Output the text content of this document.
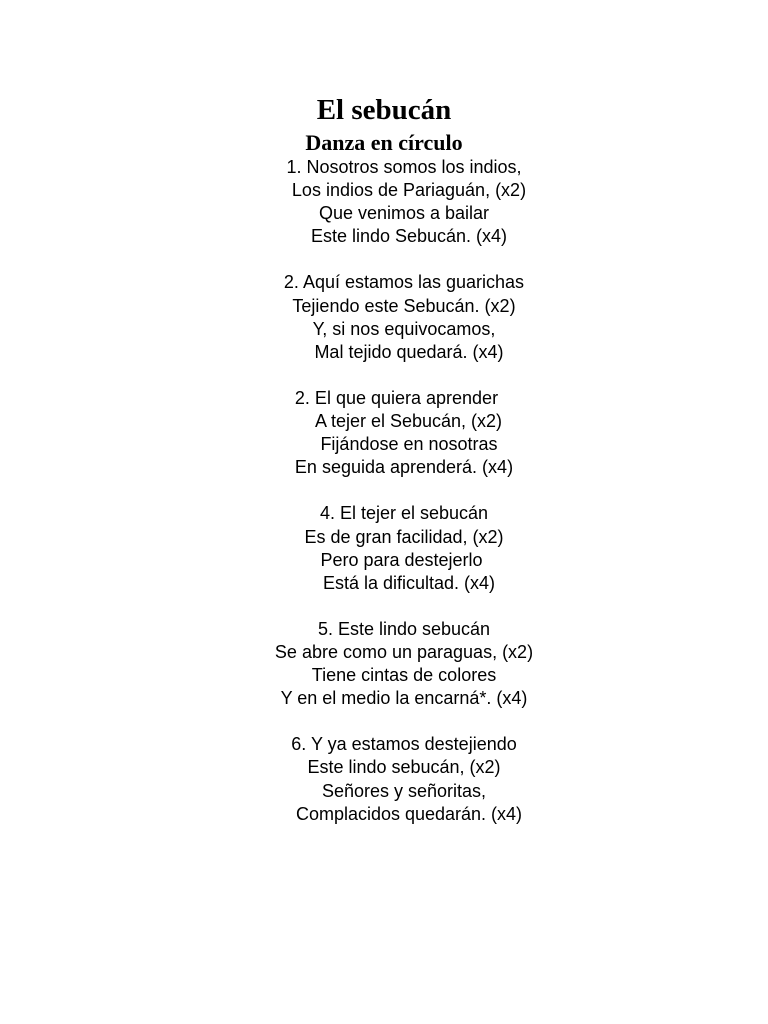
El sebucán
Danza en círculo

1. Nosotros somos los indios,

Los indios de Pariaguán, (x2)

Que venimos a bailar

Este lindo Sebucán. (x4)

2. Aquí estamos las guarichas

Tejiendo este Sebucán. (x2)

Y, si nos equivocamos,

Mal tejido quedará. (x4)

2. El que quiera aprender

A tejer el Sebucán, (x2)

Fijándose en nosotras

En seguida aprenderá. (x4)

4. El tejer el sebucán

Es de gran facilidad, (x2)

Pero para destejerlo

Está la dificultad. (x4)

5. Este lindo sebucán

Se abre como un paraguas, (x2)

Tiene cintas de colores

Y en el medio la encarná*. (x4)

6. Y ya estamos destejiendo

Este lindo sebucán, (x2)

Señores y señoritas,

Complacidos quedarán. (x4)
